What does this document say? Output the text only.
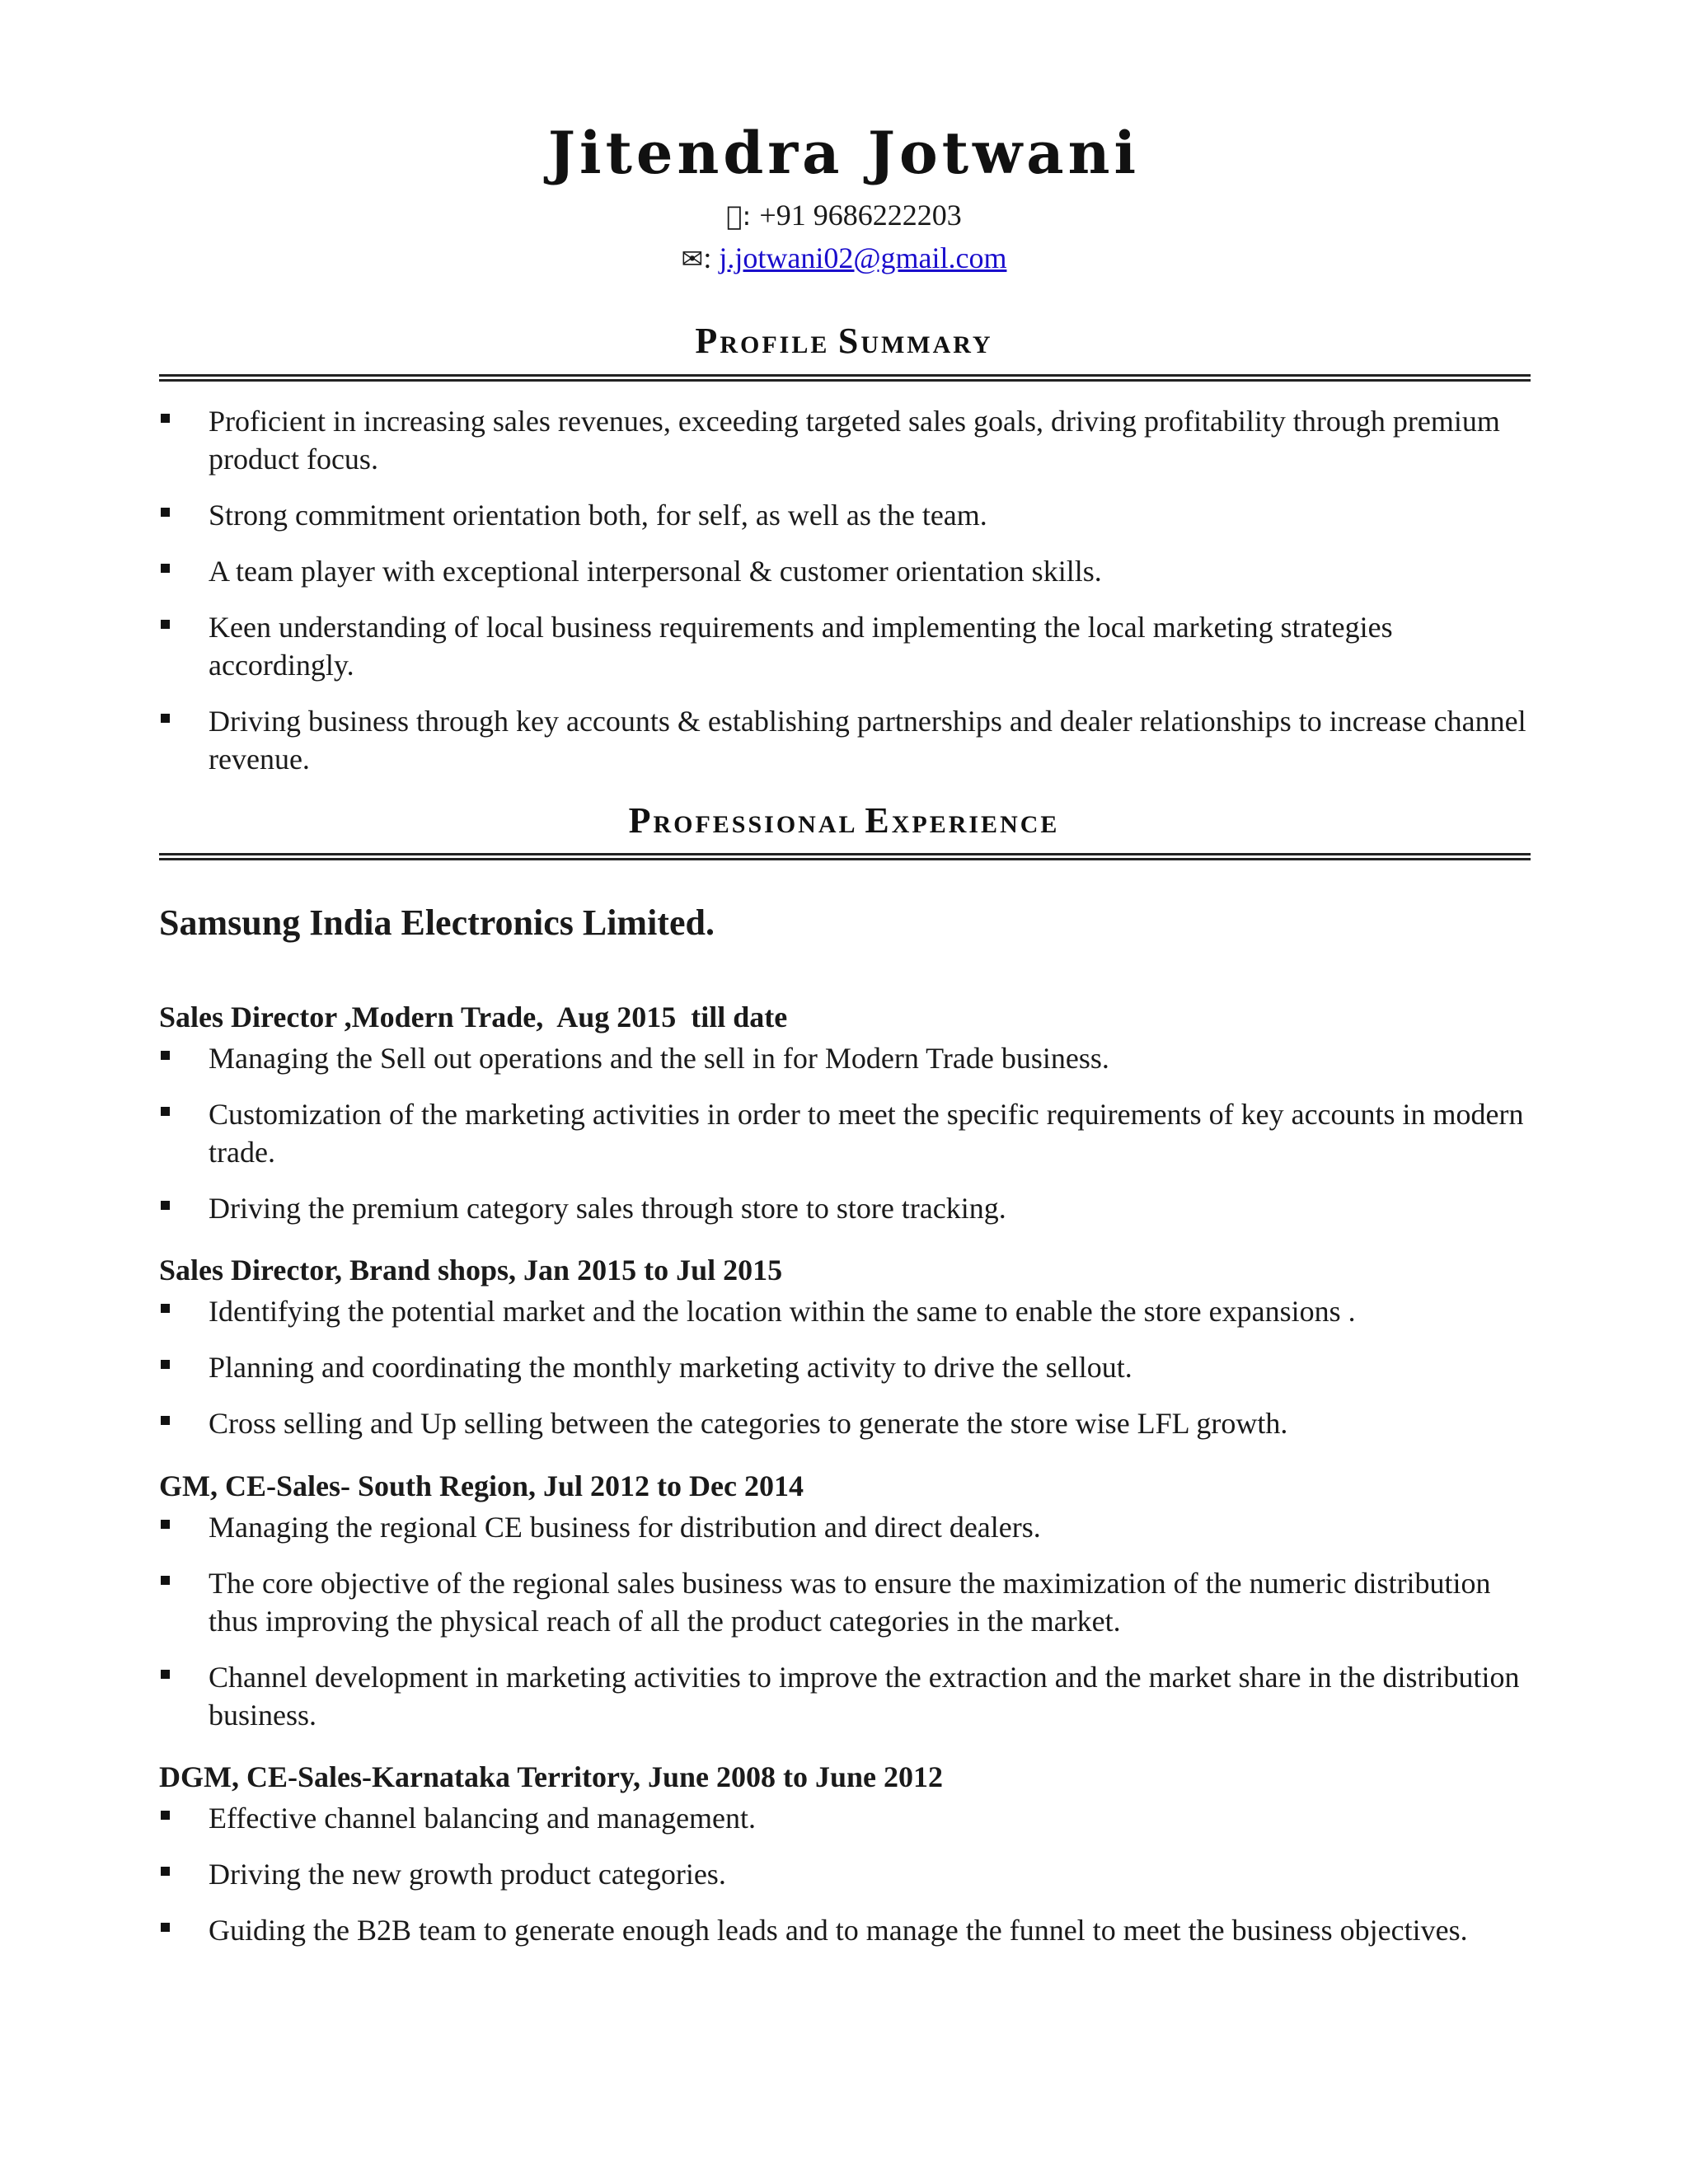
Jitendra Jotwani
: +91 9686222203
✉: j.jotwani02@gmail.com
PROFILE SUMMARY
Proficient in increasing sales revenues, exceeding targeted sales goals, driving profitability through premium product focus.
Strong commitment orientation both, for self, as well as the team.
A team player with exceptional interpersonal & customer orientation skills.
Keen understanding of local business requirements and implementing the local marketing strategies accordingly.
Driving business through key accounts & establishing partnerships and dealer relationships to increase channel revenue.
PROFESSIONAL EXPERIENCE
Samsung India Electronics Limited.
Sales Director ,Modern Trade,  Aug 2015  till date
Managing the Sell out operations and the sell in for Modern Trade business.
Customization of the marketing activities in order to meet the specific requirements of key accounts in modern trade.
Driving the premium category sales through store to store tracking.
Sales Director, Brand shops, Jan 2015 to Jul 2015
Identifying the potential market and the location within the same to enable the store expansions .
Planning and coordinating the monthly marketing activity to drive the sellout.
Cross selling and Up selling between the categories to generate the store wise LFL growth.
GM, CE-Sales- South Region, Jul 2012 to Dec 2014
Managing the regional CE business for distribution and direct dealers.
The core objective of the regional sales business was to ensure the maximization of the numeric distribution thus improving the physical reach of all the product categories in the market.
Channel development in marketing activities to improve the extraction and the market share in the distribution business.
DGM, CE-Sales-Karnataka Territory, June 2008 to June 2012
Effective channel balancing and management.
Driving the new growth product categories.
Guiding the B2B team to generate enough leads and to manage the funnel to meet the business objectives.
